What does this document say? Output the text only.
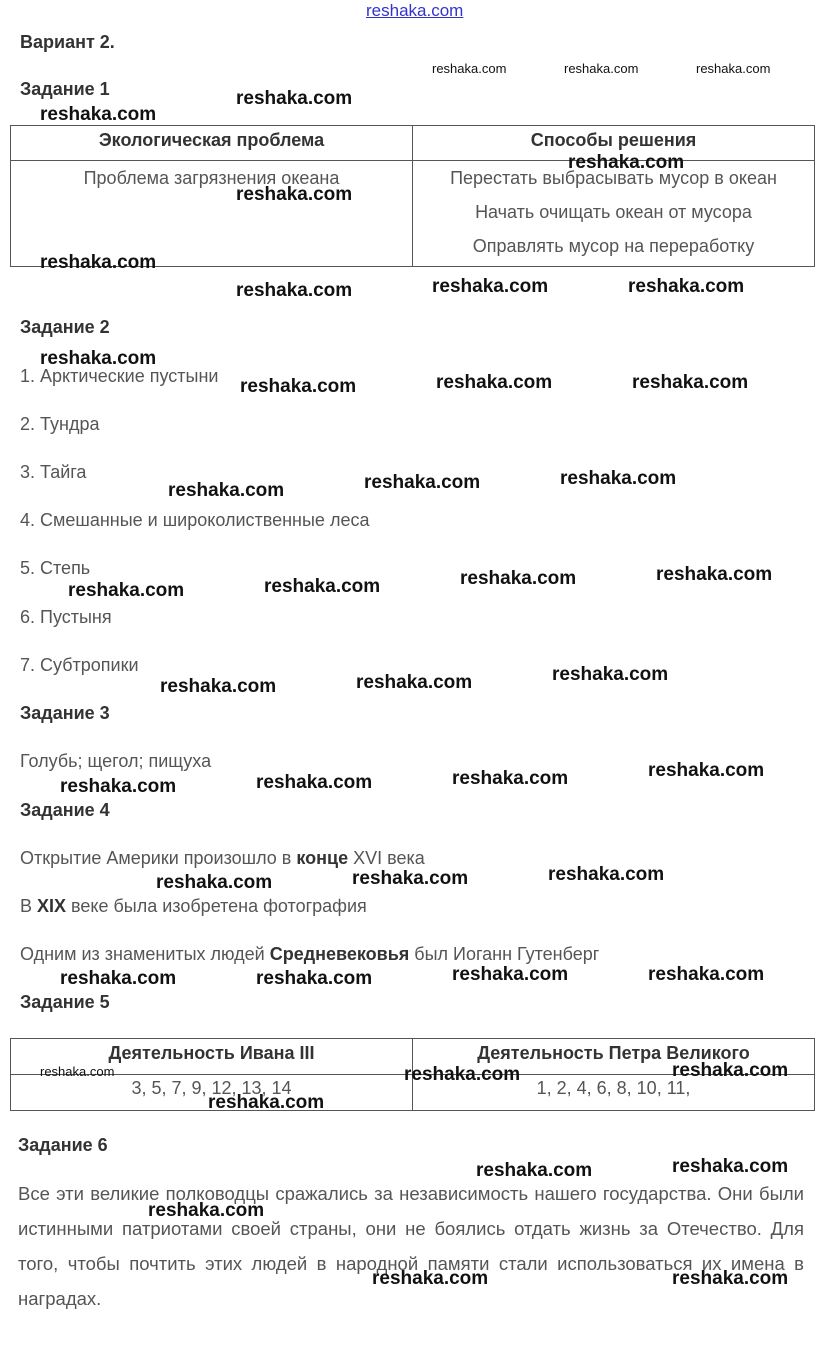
reshaka.com
Вариант 2.
Задание 1
Экологическая проблема	Способы решения

Проблема загрязнения океана	Перестать выбрасывать мусор в океан
Начать очищать океан от мусора
Оправлять мусор на переработку
Задание 2
1. Арктические пустыни
2. Тундра
3. Тайга
4. Смешанные и широколиственные леса
5. Степь
6. Пустыня
7. Субтропики
Задание 3
Голубь; щегол; пищуха
Задание 4
Открытие Америки произошло в конце XVI века
В XIX веке была изобретена фотография
Одним из знаменитых людей Средневековья был Иоганн Гутенберг
Задание 5
Деятельность Ивана III	Деятельность Петра Великого
3, 5, 7, 9, 12, 13, 14	1, 2, 4, 6, 8, 10, 11,
Задание 6
Все эти великие полководцы сражались за независимость нашего государства. Они были истинными патриотами своей страны, они не боялись отдать жизнь за Отечество. Для того, чтобы почтить этих людей в народной памяти стали использоваться их имена в наградах.
reshaka.com	reshaka.com	reshaka.com
reshaka.com
reshaka.com
reshaka.com
reshaka.com
reshaka.com
reshaka.com	reshaka.com	reshaka.com
reshaka.com
reshaka.com	reshaka.com	reshaka.com
reshaka.com	reshaka.com	reshaka.com
reshaka.com	reshaka.com	reshaka.com	reshaka.com
reshaka.com	reshaka.com	reshaka.com
reshaka.com	reshaka.com	reshaka.com	reshaka.com
reshaka.com	reshaka.com	reshaka.com
reshaka.com	reshaka.com	reshaka.com	reshaka.com
reshaka.com	reshaka.com	reshaka.com
reshaka.com
reshaka.com	reshaka.com
reshaka.com
reshaka.com	reshaka.com
